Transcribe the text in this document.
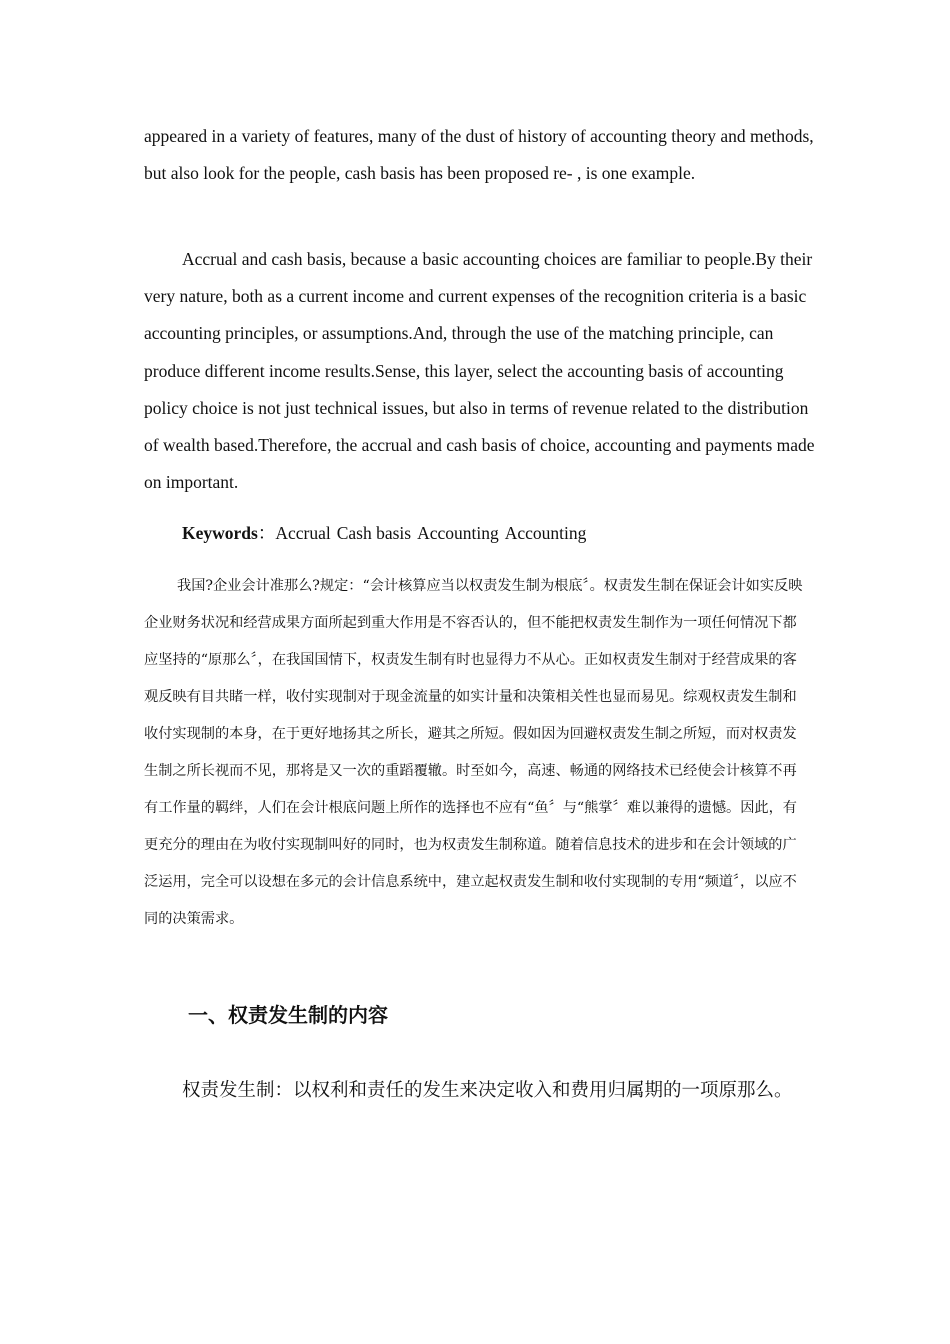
appeared in a variety of features, many of the dust of history of accounting theory and methods, but also look for the people, cash basis has been proposed re- , is one example.

Accrual and cash basis, because a basic accounting choices are familiar to people.By their very nature, both as a current income and current expenses of the recognition criteria is a basic accounting principles, or assumptions.And, through the use of the matching principle, can produce different income results.Sense, this layer, select the accounting basis of accounting policy choice is not just technical issues, but also in terms of revenue related to the distribution of wealth based.Therefore, the accrual and cash basis of choice, accounting and payments made on important.

Keywords：Accrual Cash basis Accounting Accounting

我国?企业会计准那么?规定：“会计核算应当以权责发生制为根底〞。权责发生制在保证会计如实反映企业财务状况和经营成果方面所起到重大作用是不容否认的，但不能把权责发生制作为一项任何情况下都应坚持的“原那么〞，在我国国情下，权责发生制有时也显得力不从心。正如权责发生制对于经营成果的客观反映有目共睹一样，收付实现制对于现金流量的如实计量和决策相关性也显而易见。综观权责发生制和收付实现制的本身，在于更好地扬其之所长，避其之所短。假如因为回避权责发生制之所短，而对权责发生制之所长视而不见，那将是又一次的重蹈覆辙。时至如今，高速、畅通的网络技术已经使会计核算不再有工作量的羁绊，人们在会计根底问题上所作的选择也不应有“鱼〞与“熊掌〞难以兼得的遗憾。因此，有更充分的理由在为收付实现制叫好的同时，也为权责发生制称道。随着信息技术的进步和在会计领域的广泛运用，完全可以设想在多元的会计信息系统中，建立起权责发生制和收付实现制的专用“频道〞，以应不同的决策需求。

一、权责发生制的内容

权责发生制：以权利和责任的发生来决定收入和费用归属期的一项原那么。
